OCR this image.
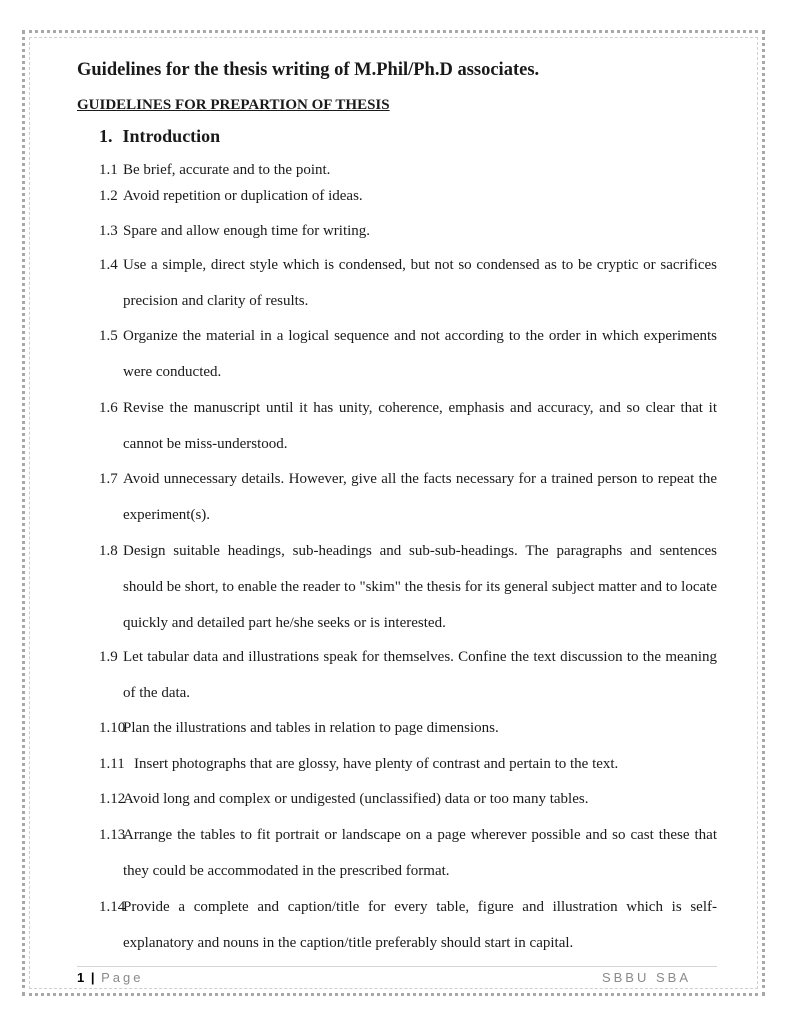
Guidelines for the thesis writing of M.Phil/Ph.D associates.
GUIDELINES FOR PREPARTION OF THESIS
1. Introduction
1.1 Be brief, accurate and to the point.
1.2 Avoid repetition or duplication of ideas.
1.3 Spare and allow enough time for writing.
1.4 Use a simple, direct style which is condensed, but not so condensed as to be cryptic or sacrifices precision and clarity of results.
1.5 Organize the material in a logical sequence and not according to the order in which experiments were conducted.
1.6 Revise the manuscript until it has unity, coherence, emphasis and accuracy, and so clear that it cannot be miss-understood.
1.7 Avoid unnecessary details. However, give all the facts necessary for a trained person to repeat the experiment(s).
1.8 Design suitable headings, sub-headings and sub-sub-headings. The paragraphs and sentences should be short, to enable the reader to "skim" the thesis for its general subject matter and to locate quickly and detailed part he/she seeks or is interested.
1.9 Let tabular data and illustrations speak for themselves. Confine the text discussion to the meaning of the data.
1.10
Plan the illustrations and tables in relation to page dimensions.
1.11 Insert photographs that are glossy, have plenty of contrast and pertain to the text.
1.12
Avoid long and complex or undigested (unclassified) data or too many tables.
1.13
Arrange the tables to fit portrait or landscape on a page wherever possible and so cast these that they could be accommodated in the prescribed format.
1.14
Provide a complete and caption/title for every table, figure and illustration which is self-explanatory and nouns in the caption/title preferably should start in capital.
1 | Page	SBBU SBA
